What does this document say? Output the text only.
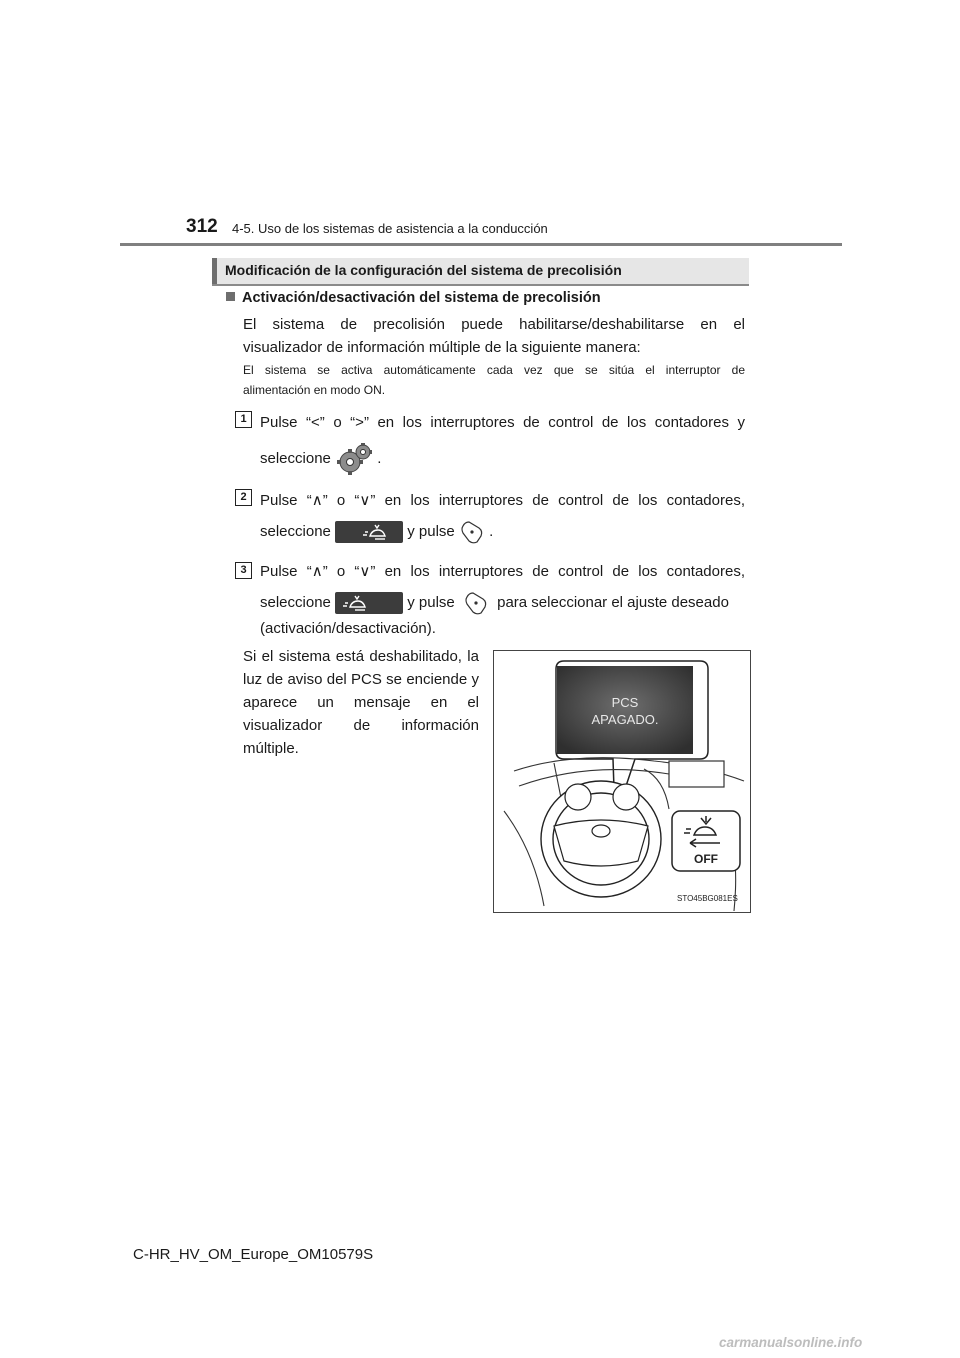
312 4-5. Uso de los sistemas de asistencia a la conducción
Modificación de la configuración del sistema de precolisión
Activación/desactivación del sistema de precolisión
El sistema de precolisión puede habilitarse/deshabilitarse en el
visualizador de información múltiple de la siguiente manera:
El sistema se activa automáticamente cada vez que se sitúa el interruptor de
alimentación en modo ON.
1 Pulse “<” o “>” en los interruptores de control de los contadores y
seleccione	.
2 Pulse “∧” o “∨” en los interruptores de control de los contadores,
seleccione	y pulse .
3 Pulse “∧” o “∨” en los interruptores de control de los contadores,
seleccione	y pulse	para seleccionar el ajuste deseado
(activación/desactivación).
Si el sistema está deshabilitado, la
luz de aviso del PCS se enciende y
aparece un mensaje en el
visualizador de información
múltiple.
PCS
APAGADO.
OFF
STO45BG081ES
C-HR_HV_OM_Europe_OM10579S
carmanualsonline.info
